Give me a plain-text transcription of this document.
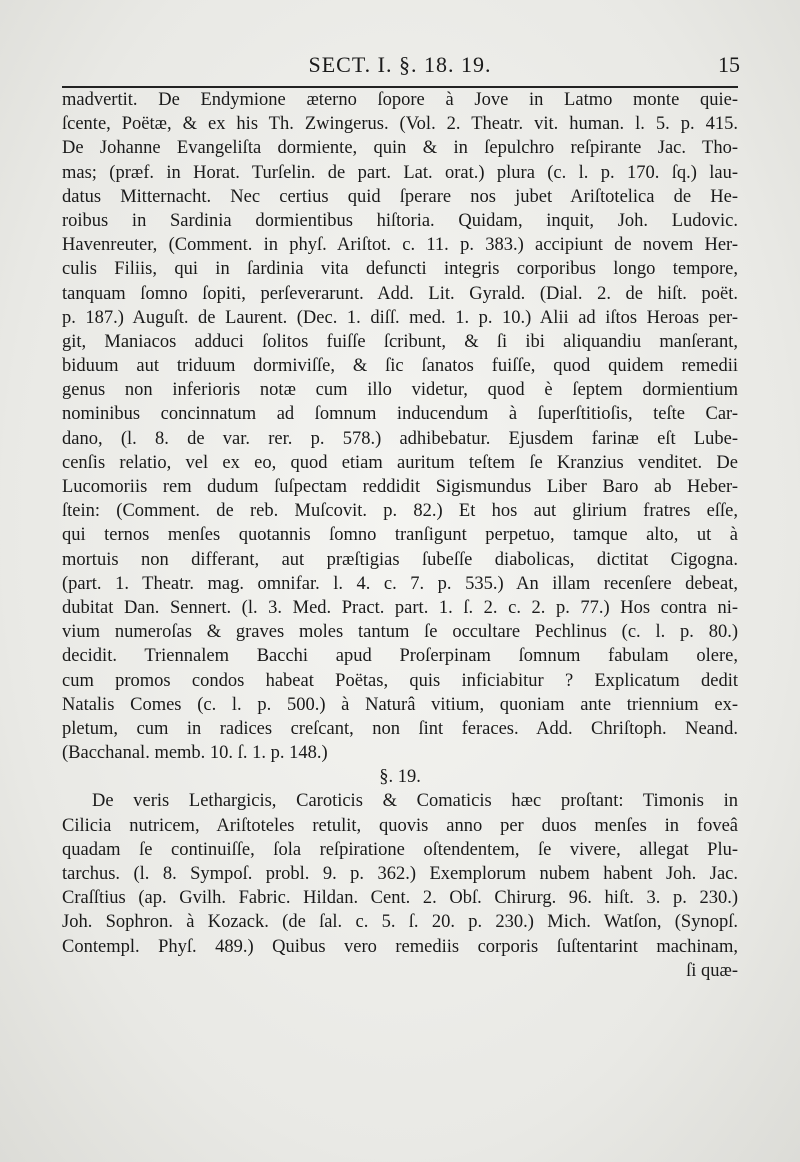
SECT. I. §. 18. 19.	15
madvertit. De Endymione æterno ſopore à Jove in Latmo monte quie-
ſcente, Poëtæ, & ex his Th. Zwingerus. (Vol. 2. Theatr. vit. human. l. 5. p. 415.
De Johanne Evangeliſta dormiente, quin & in ſepulchro reſpirante Jac. Tho-
mas; (præf. in Horat. Turſelin. de part. Lat. orat.) plura (c. l. p. 170. ſq.) lau-
datus Mitternacht. Nec certius quid ſperare nos jubet Ariſtotelica de He-
roibus in Sardinia dormientibus hiſtoria. Quidam, inquit, Joh. Ludovic.
Havenreuter, (Comment. in phyſ. Ariſtot. c. 11. p. 383.) accipiunt de novem Her-
culis Filiis, qui in ſardinia vita defuncti integris corporibus longo tempore,
tanquam ſomno ſopiti, perſeverarunt. Add. Lit. Gyrald. (Dial. 2. de hiſt. poët.
p. 187.) Auguſt. de Laurent. (Dec. 1. diſſ. med. 1. p. 10.) Alii ad iſtos Heroas per-
git, Maniacos adduci ſolitos fuiſſe ſcribunt, & ſi ibi aliquandiu manſerant,
biduum aut triduum dormiviſſe, & ſic ſanatos fuiſſe, quod quidem remedii
genus non inferioris notæ cum illo videtur, quod è ſeptem dormientium
nominibus concinnatum ad ſomnum inducendum à ſuperſtitioſis, teſte Car-
dano, (l. 8. de var. rer. p. 578.) adhibebatur. Ejusdem farinæ eſt Lube-
cenſis relatio, vel ex eo, quod etiam auritum teſtem ſe Kranzius venditet. De
Lucomoriis rem dudum ſuſpectam reddidit Sigismundus Liber Baro ab Heber-
ſtein: (Comment. de reb. Muſcovit. p. 82.) Et hos aut glirium fratres eſſe,
qui ternos menſes quotannis ſomno tranſigunt perpetuo, tamque alto, ut à
mortuis non differant, aut præſtigias ſubeſſe diabolicas, dictitat Cigogna.
(part. 1. Theatr. mag. omnifar. l. 4. c. 7. p. 535.) An illam recenſere debeat,
dubitat Dan. Sennert. (l. 3. Med. Pract. part. 1. ſ. 2. c. 2. p. 77.) Hos contra ni-
vium numeroſas & graves moles tantum ſe occultare Pechlinus (c. l. p. 80.)
decidit. Triennalem Bacchi apud Proſerpinam ſomnum fabulam olere,
cum promos condos habeat Poëtas, quis inficiabitur ? Explicatum dedit
Natalis Comes (c. l. p. 500.) à Naturâ vitium, quoniam ante triennium ex-
pletum, cum in radices creſcant, non ſint feraces. Add. Chriſtoph. Neand.
(Bacchanal. memb. 10. ſ. 1. p. 148.)
§. 19.
De veris Lethargicis, Caroticis & Comaticis hæc proſtant: Timonis in
Cilicia nutricem, Ariſtoteles retulit, quovis anno per duos menſes in foveâ
quadam ſe continuiſſe, ſola reſpiratione oſtendentem, ſe vivere, allegat Plu-
tarchus. (l. 8. Sympoſ. probl. 9. p. 362.) Exemplorum nubem habent Joh. Jac.
Craſſtius (ap. Gvilh. Fabric. Hildan. Cent. 2. Obſ. Chirurg. 96. hiſt. 3. p. 230.)
Joh. Sophron. à Kozack. (de ſal. c. 5. ſ. 20. p. 230.) Mich. Watſon, (Synopſ.
Contempl. Phyſ. 489.) Quibus vero remediis corporis ſuſtentarint machinam,
ſi quæ-
